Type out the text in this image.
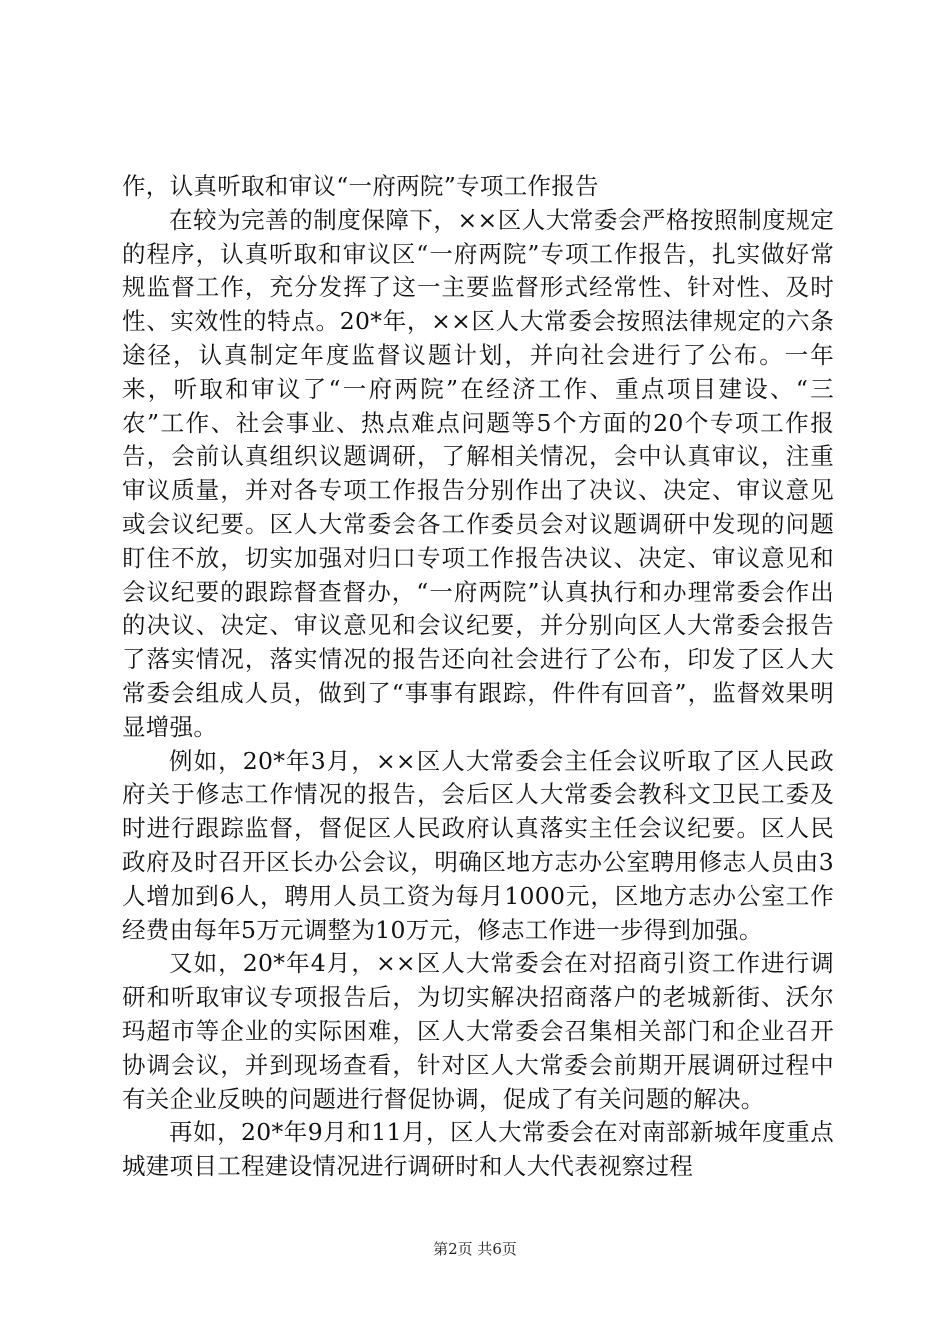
作，认真听取和审议“一府两院”专项工作报告

在较为完善的制度保障下，××区人大常委会严格按照制度规定的程序，认真听取和审议区“一府两院”专项工作报告，扎实做好常规监督工作，充分发挥了这一主要监督形式经常性、针对性、及时性、实效性的特点。20*年，××区人大常委会按照法律规定的六条途径，认真制定年度监督议题计划，并向社会进行了公布。一年来，听取和审议了“一府两院”在经济工作、重点项目建设、“三农”工作、社会事业、热点难点问题等5个方面的20个专项工作报告，会前认真组织议题调研，了解相关情况，会中认真审议，注重审议质量，并对各专项工作报告分别作出了决议、决定、审议意见或会议纪要。区人大常委会各工作委员会对议题调研中发现的问题盯住不放，切实加强对归口专项工作报告决议、决定、审议意见和会议纪要的跟踪督查督办，“一府两院”认真执行和办理常委会作出的决议、决定、审议意见和会议纪要，并分别向区人大常委会报告了落实情况，落实情况的报告还向社会进行了公布，印发了区人大常委会组成人员，做到了“事事有跟踪，件件有回音”，监督效果明显增强。

例如，20*年3月，××区人大常委会主任会议听取了区人民政府关于修志工作情况的报告，会后区人大常委会教科文卫民工委及时进行跟踪监督，督促区人民政府认真落实主任会议纪要。区人民政府及时召开区长办公会议，明确区地方志办公室聘用修志人员由3人增加到6人，聘用人员工资为每月1000元，区地方志办公室工作经费由每年5万元调整为10万元，修志工作进一步得到加强。

又如，20*年4月，××区人大常委会在对招商引资工作进行调研和听取审议专项报告后，为切实解决招商落户的老城新街、沃尔玛超市等企业的实际困难，区人大常委会召集相关部门和企业召开协调会议，并到现场查看，针对区人大常委会前期开展调研过程中有关企业反映的问题进行督促协调，促成了有关问题的解决。

再如，20*年9月和11月，区人大常委会在对南部新城年度重点城建项目工程建设情况进行调研时和人大代表视察过程

第2页 共6页
